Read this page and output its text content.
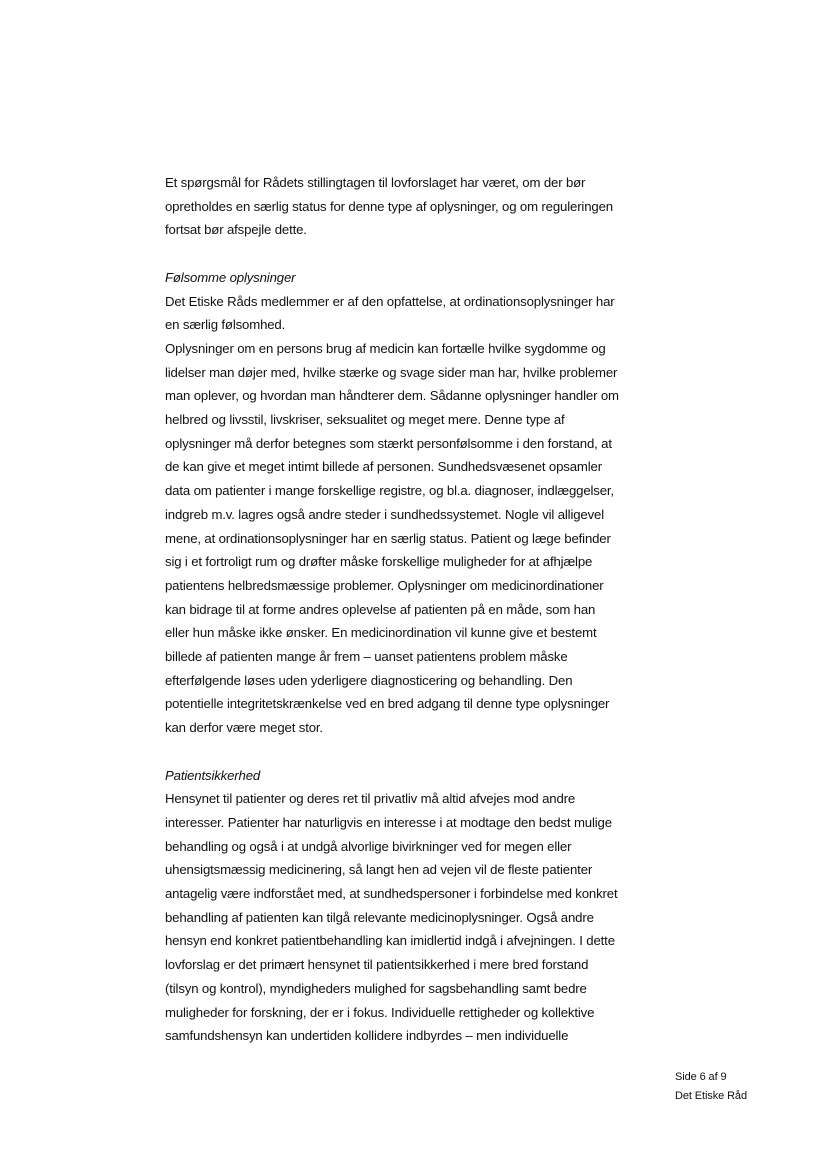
Et spørgsmål for Rådets stillingtagen til lovforslaget har været, om der bør
opretholdes en særlig status for denne type af oplysninger, og om reguleringen
fortsat bør afspejle dette.
Følsomme oplysninger
Det Etiske Råds medlemmer er af den opfattelse, at ordinationsoplysninger har
en særlig følsomhed.
Oplysninger om en persons brug af medicin kan fortælle hvilke sygdomme og
lidelser man døjer med, hvilke stærke og svage sider man har, hvilke problemer
man oplever, og hvordan man håndterer dem. Sådanne oplysninger handler om
helbred og livsstil, livskriser, seksualitet og meget mere. Denne type af
oplysninger må derfor betegnes som stærkt personfølsomme i den forstand, at
de kan give et meget intimt billede af personen. Sundhedsvæsenet opsamler
data om patienter i mange forskellige registre, og bl.a. diagnoser, indlæggelser,
indgreb m.v. lagres også andre steder i sundhedssystemet. Nogle vil alligevel
mene, at ordinationsoplysninger har en særlig status. Patient og læge befinder
sig i et fortroligt rum og drøfter måske forskellige muligheder for at afhjælpe
patientens helbredsmæssige problemer. Oplysninger om medicinordinationer
kan bidrage til at forme andres oplevelse af patienten på en måde, som han
eller hun måske ikke ønsker. En medicinordination vil kunne give et bestemt
billede af patienten mange år frem – uanset patientens problem måske
efterfølgende løses uden yderligere diagnosticering og behandling. Den
potentielle integritetskrænkelse ved en bred adgang til denne type oplysninger
kan derfor være meget stor.
Patientsikkerhed
Hensynet til patienter og deres ret til privatliv må altid afvejes mod andre
interesser. Patienter har naturligvis en interesse i at modtage den bedst mulige
behandling og også i at undgå alvorlige bivirkninger ved for megen eller
uhensigtsmæssig medicinering, så langt hen ad vejen vil de fleste patienter
antagelig være indforstået med, at sundhedspersoner i forbindelse med konkret
behandling af patienten kan tilgå relevante medicinoplysninger. Også andre
hensyn end konkret patientbehandling kan imidlertid indgå i afvejningen. I dette
lovforslag er det primært hensynet til patientsikkerhed i mere bred forstand
(tilsyn og kontrol), myndigheders mulighed for sagsbehandling samt bedre
muligheder for forskning, der er i fokus. Individuelle rettigheder og kollektive
samfundshensyn kan undertiden kollidere indbyrdes – men individuelle
Side 6 af 9
Det Etiske Råd
